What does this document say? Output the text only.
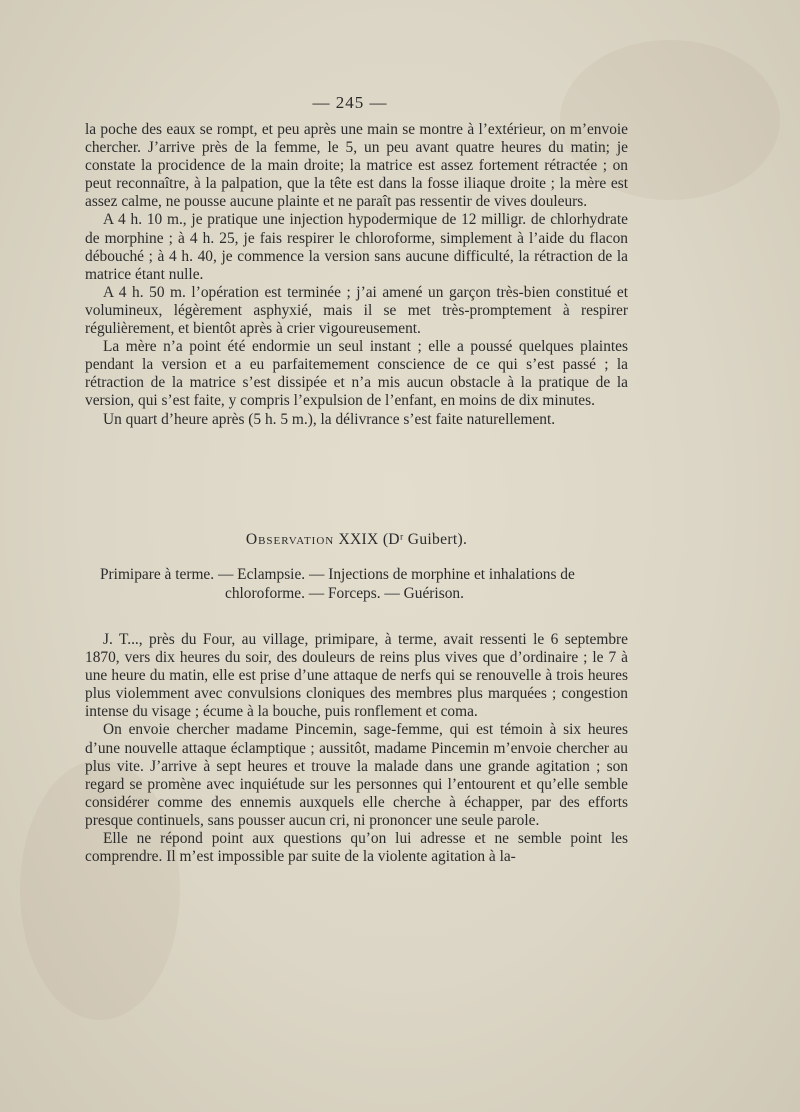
— 245 —

la poche des eaux se rompt, et peu après une main se montre à l’extérieur, on m’envoie chercher. J’arrive près de la femme, le 5, un peu avant quatre heures du matin; je constate la procidence de la main droite; la matrice est assez fortement rétractée ; on peut reconnaître, à la palpation, que la tête est dans la fosse iliaque droite ; la mère est assez calme, ne pousse aucune plainte et ne paraît pas ressentir de vives douleurs.

A 4 h. 10 m., je pratique une injection hypodermique de 12 milligr. de chlorhydrate de morphine ; à 4 h. 25, je fais respirer le chloroforme, simplement à l’aide du flacon débouché ; à 4 h. 40, je commence la version sans aucune difficulté, la rétraction de la matrice étant nulle.

A 4 h. 50 m. l’opération est terminée ; j’ai amené un garçon très-bien constitué et volumineux, légèrement asphyxié, mais il se met très-promptement à respirer régulièrement, et bientôt après à crier vigoureusement.

La mère n’a point été endormie un seul instant ; elle a poussé quelques plaintes pendant la version et a eu parfaitemement conscience de ce qui s’est passé ; la rétraction de la matrice s’est dissipée et n’a mis aucun obstacle à la pratique de la version, qui s’est faite, y compris l’expulsion de l’enfant, en moins de dix minutes.

Un quart d’heure après (5 h. 5 m.), la délivrance s’est faite naturellement.

Observation XXIX (Dʳ Guibert).
Primipare à terme. — Eclampsie. — Injections de morphine et inhalations de
chloroforme. — Forceps. — Guérison.

J. T..., près du Four, au village, primipare, à terme, avait ressenti le 6 septembre 1870, vers dix heures du soir, des douleurs de reins plus vives que d’ordinaire ; le 7 à une heure du matin, elle est prise d’une attaque de nerfs qui se renouvelle à trois heures plus violemment avec convulsions cloniques des membres plus marquées ; congestion intense du visage ; écume à la bouche, puis ronflement et coma.

On envoie chercher madame Pincemin, sage-femme, qui est témoin à six heures d’une nouvelle attaque éclamptique ; aussitôt, madame Pincemin m’envoie chercher au plus vite. J’arrive à sept heures et trouve la malade dans une grande agitation ; son regard se promène avec inquiétude sur les personnes qui l’entourent et qu’elle semble considérer comme des ennemis auxquels elle cherche à échapper, par des efforts presque continuels, sans pousser aucun cri, ni prononcer une seule parole.

Elle ne répond point aux questions qu’on lui adresse et ne semble point les comprendre. Il m’est impossible par suite de la violente agitation à la-
